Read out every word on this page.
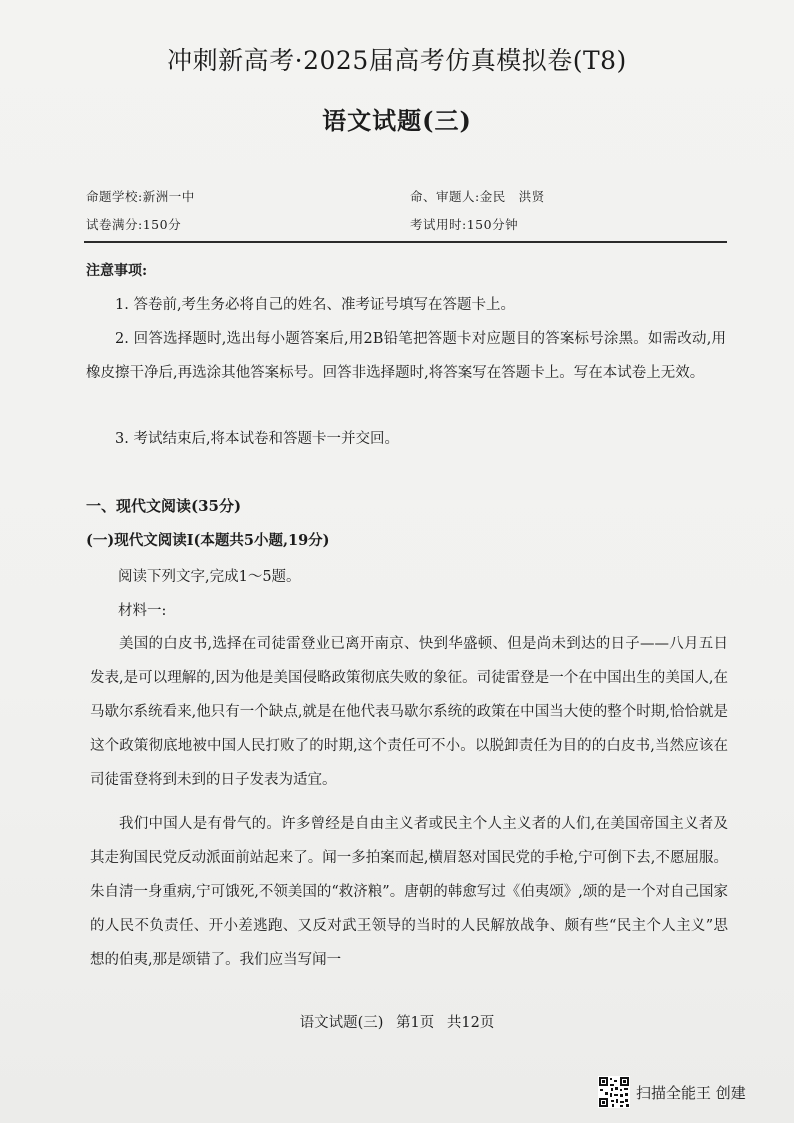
冲刺新高考·2025届高考仿真模拟卷(T8)
语文试题(三)
命题学校:新洲一中	命、审题人:金民　洪贤
试卷满分:150分	考试用时:150分钟
注意事项:
1. 答卷前,考生务必将自己的姓名、准考证号填写在答题卡上。
2. 回答选择题时,选出每小题答案后,用2B铅笔把答题卡对应题目的答案标号涂黑。如需改动,用橡皮擦干净后,再选涂其他答案标号。回答非选择题时,将答案写在答题卡上。写在本试卷上无效。
3. 考试结束后,将本试卷和答题卡一并交回。
一、现代文阅读(35分)
(一)现代文阅读Ⅰ(本题共5小题,19分)
阅读下列文字,完成1～5题。
材料一:

美国的白皮书,选择在司徒雷登业已离开南京、快到华盛顿、但是尚未到达的日子——八月五日发表,是可以理解的,因为他是美国侵略政策彻底失败的象征。司徒雷登是一个在中国出生的美国人,在马歇尔系统看来,他只有一个缺点,就是在他代表马歇尔系统的政策在中国当大使的整个时期,恰恰就是这个政策彻底地被中国人民打败了的时期,这个责任可不小。以脱卸责任为目的的白皮书,当然应该在司徒雷登将到未到的日子发表为适宜。

我们中国人是有骨气的。许多曾经是自由主义者或民主个人主义者的人们,在美国帝国主义者及其走狗国民党反动派面前站起来了。闻一多拍案而起,横眉怒对国民党的手枪,宁可倒下去,不愿屈服。朱自清一身重病,宁可饿死,不领美国的“救济粮”。唐朝的韩愈写过《伯夷颂》,颂的是一个对自己国家的人民不负责任、开小差逃跑、又反对武王领导的当时的人民解放战争、颇有些“民主个人主义”思想的伯夷,那是颂错了。我们应当写闻一

语文试题(三) 第1页 共12页
扫描全能王 创建
